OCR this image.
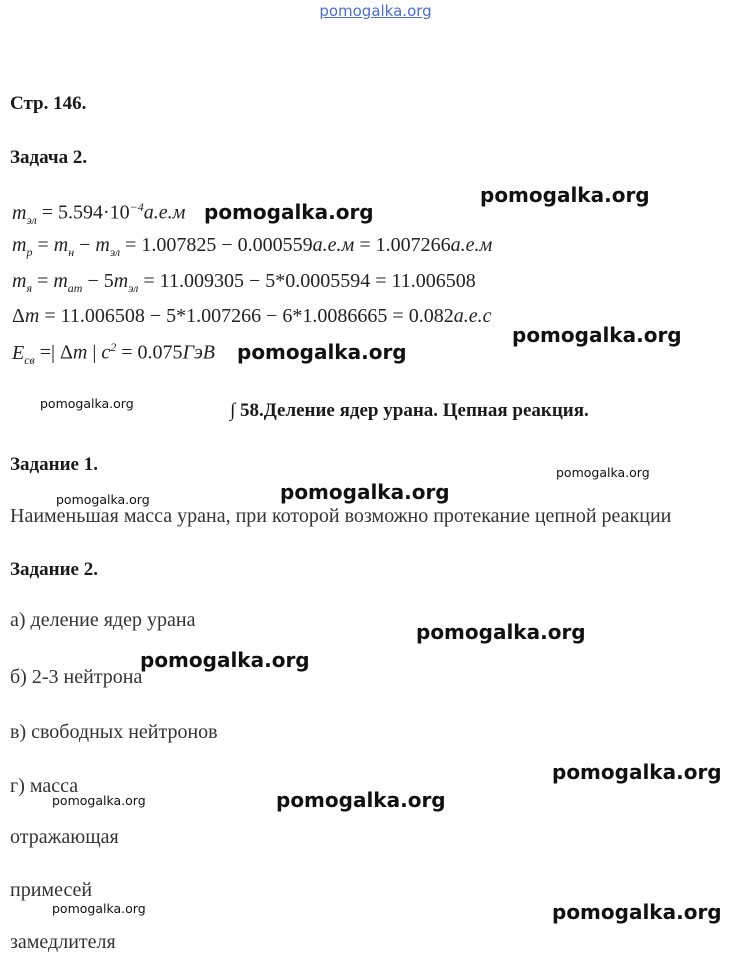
pomogalka.org
Стр. 146.
Задача 2.
$m_{эл} = 5.594\cdot 10^{-4}а.е.м$
$m_p = m_н - m_{эл} = 1.007825 - 0.000559а.е.м = 1.007266а.е.м$
$m_я = m_{ат} - 5m_{эл} = 11.009305 - 5*0.0005594 = 11.006508$
Δm = 11.006508 − 5*1.007266 − 6*1.0086665 = 0.082а.е.с
$E_{св}$ =| Δm | $c^2 = 0.075ГэВ$
∫ 58.Деление ядер урана. Цепная реакция.
Задание 1.
Наименьшая масса урана, при которой возможно протекание цепной реакции
Задание 2.
а) деление ядер урана
б) 2-3 нейтрона
в) свободных нейтронов
г) масса
отражающая
примесей
замедлителя
pomogalka.org
pomogalka.org
pomogalka.org
pomogalka.org
pomogalka.org
pomogalka.org
pomogalka.org
pomogalka.org
pomogalka.org
pomogalka.org
pomogalka.org
pomogalka.org
pomogalka.org
pomogalka.org	pomogalka.org
